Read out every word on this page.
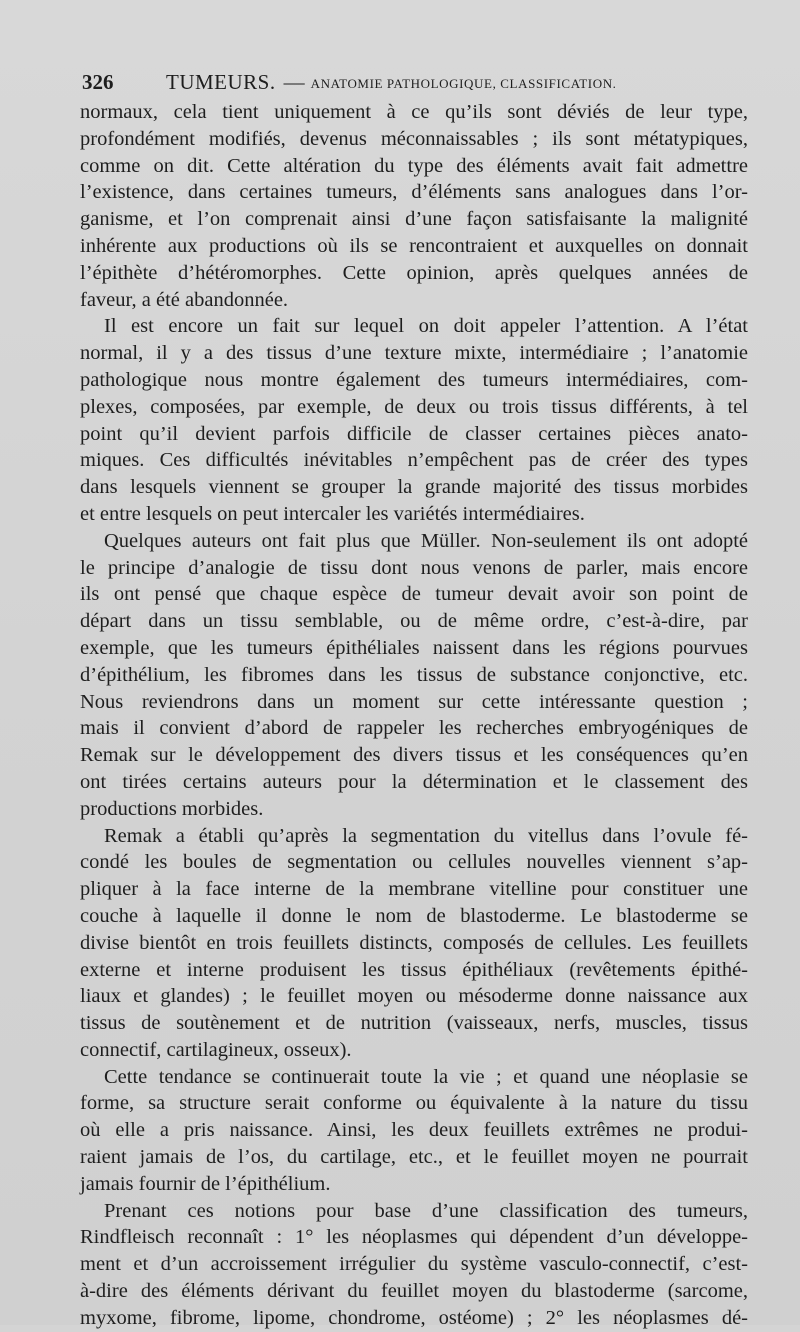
326	TUMEURS. — ANATOMIE PATHOLOGIQUE, CLASSIFICATION.
normaux, cela tient uniquement à ce qu’ils sont déviés de leur type,
profondément modifiés, devenus méconnaissables ; ils sont métatypiques,
comme on dit. Cette altération du type des éléments avait fait admettre
l’existence, dans certaines tumeurs, d’éléments sans analogues dans l’or-
ganisme, et l’on comprenait ainsi d’une façon satisfaisante la malignité
inhérente aux productions où ils se rencontraient et auxquelles on donnait
l’épithète d’hétéromorphes. Cette opinion, après quelques années de
faveur, a été abandonnée.
Il est encore un fait sur lequel on doit appeler l’attention. A l’état
normal, il y a des tissus d’une texture mixte, intermédiaire ; l’anatomie
pathologique nous montre également des tumeurs intermédiaires, com-
plexes, composées, par exemple, de deux ou trois tissus différents, à tel
point qu’il devient parfois difficile de classer certaines pièces anato-
miques. Ces difficultés inévitables n’empêchent pas de créer des types
dans lesquels viennent se grouper la grande majorité des tissus morbides
et entre lesquels on peut intercaler les variétés intermédiaires.
Quelques auteurs ont fait plus que Müller. Non-seulement ils ont adopté
le principe d’analogie de tissu dont nous venons de parler, mais encore
ils ont pensé que chaque espèce de tumeur devait avoir son point de
départ dans un tissu semblable, ou de même ordre, c’est-à-dire, par
exemple, que les tumeurs épithéliales naissent dans les régions pourvues
d’épithélium, les fibromes dans les tissus de substance conjonctive, etc.
Nous reviendrons dans un moment sur cette intéressante question ;
mais il convient d’abord de rappeler les recherches embryogéniques de
Remak sur le développement des divers tissus et les conséquences qu’en
ont tirées certains auteurs pour la détermination et le classement des
productions morbides.
Remak a établi qu’après la segmentation du vitellus dans l’ovule fé-
condé les boules de segmentation ou cellules nouvelles viennent s’ap-
pliquer à la face interne de la membrane vitelline pour constituer une
couche à laquelle il donne le nom de blastoderme. Le blastoderme se
divise bientôt en trois feuillets distincts, composés de cellules. Les feuillets
externe et interne produisent les tissus épithéliaux (revêtements épithé-
liaux et glandes) ; le feuillet moyen ou mésoderme donne naissance aux
tissus de soutènement et de nutrition (vaisseaux, nerfs, muscles, tissus
connectif, cartilagineux, osseux).
Cette tendance se continuerait toute la vie ; et quand une néoplasie se
forme, sa structure serait conforme ou équivalente à la nature du tissu
où elle a pris naissance. Ainsi, les deux feuillets extrêmes ne produi-
raient jamais de l’os, du cartilage, etc., et le feuillet moyen ne pourrait
jamais fournir de l’épithélium.
Prenant ces notions pour base d’une classification des tumeurs,
Rindfleisch reconnaît : 1° les néoplasmes qui dépendent d’un développe-
ment et d’un accroissement irrégulier du système vasculo-connectif, c’est-
à-dire des éléments dérivant du feuillet moyen du blastoderme (sarcome,
myxome, fibrome, lipome, chondrome, ostéome) ; 2° les néoplasmes dé-
